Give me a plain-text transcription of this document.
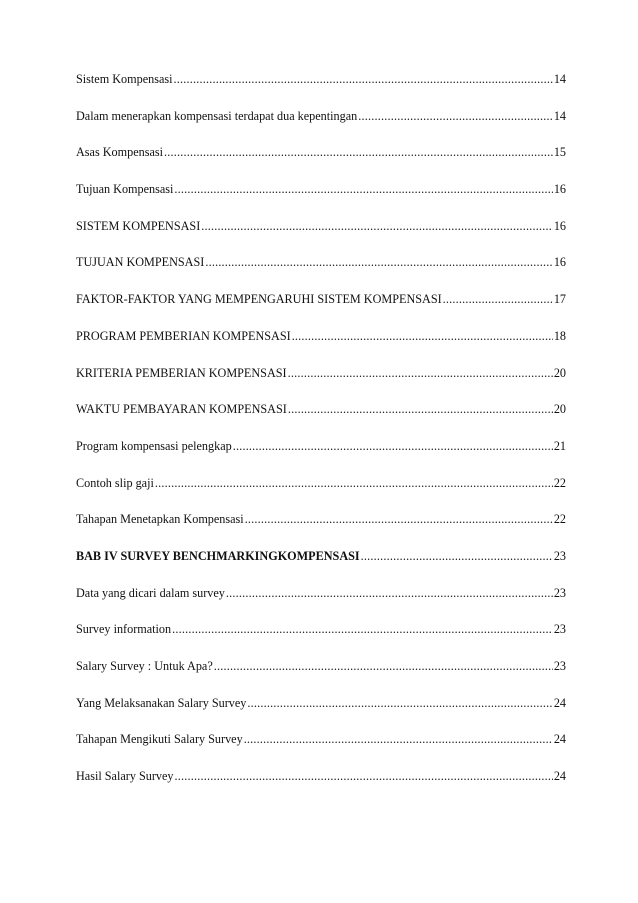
Sistem Kompensasi .....	14
Dalam menerapkan kompensasi terdapat dua kepentingan .....	14
Asas Kompensasi .....	15
Tujuan Kompensasi .....	16
SISTEM KOMPENSASI .....	16
TUJUAN KOMPENSASI .....	16
FAKTOR-FAKTOR YANG MEMPENGARUHI SISTEM KOMPENSASI .....	17
PROGRAM PEMBERIAN KOMPENSASI .....	18
KRITERIA PEMBERIAN KOMPENSASI .....	20
WAKTU PEMBAYARAN KOMPENSASI .....	20
Program kompensasi pelengkap .....	21
Contoh slip gaji .....	22
Tahapan Menetapkan Kompensasi .....	22
BAB IV SURVEY BENCHMARKINGKOMPENSASI .....	23
Data yang dicari dalam survey .....	23
Survey information .....	23
Salary Survey : Untuk Apa? .....	23
Yang Melaksanakan Salary Survey .....	24
Tahapan Mengikuti Salary Survey .....	24
Hasil Salary Survey .....	24
